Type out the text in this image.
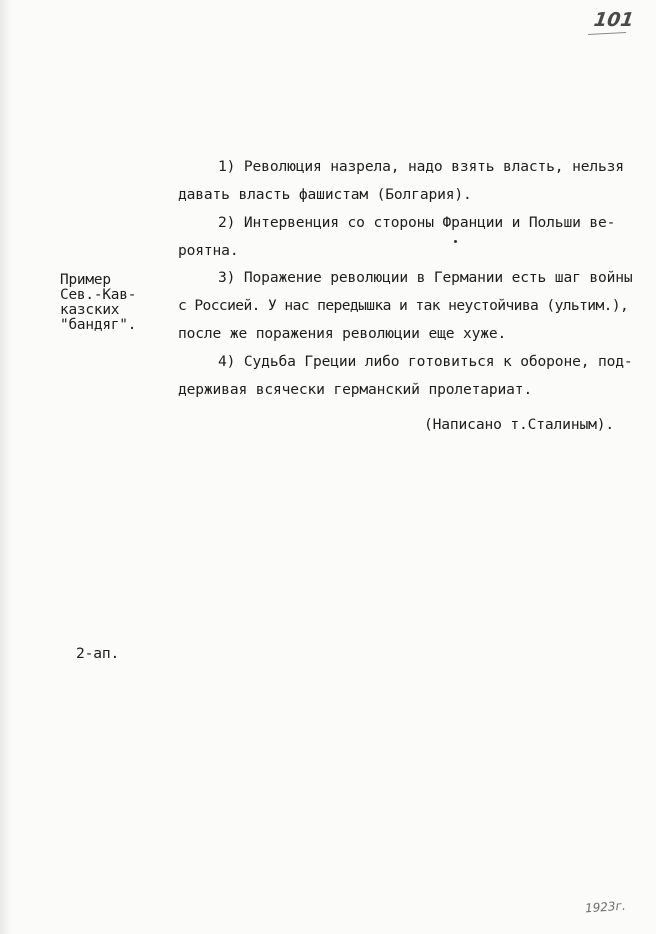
101
1) Революция назрела, надо взять власть, нельзя
давать власть фашистам (Болгария).
2) Интервенция со стороны Франции и Польши ве-
роятна.
Пример
Сев.-Кав-
казских
"бандяг".
3) Поражение революции в Германии есть шаг войны
с Россией. У нас передышка и так неустойчива (ультим.),
после же поражения революции еще хуже.
4) Судьба Греции либо готовиться к обороне, под-
держивая всячески германский пролетариат.
(Написано т.Сталиным).
2-ап.
1923г.
